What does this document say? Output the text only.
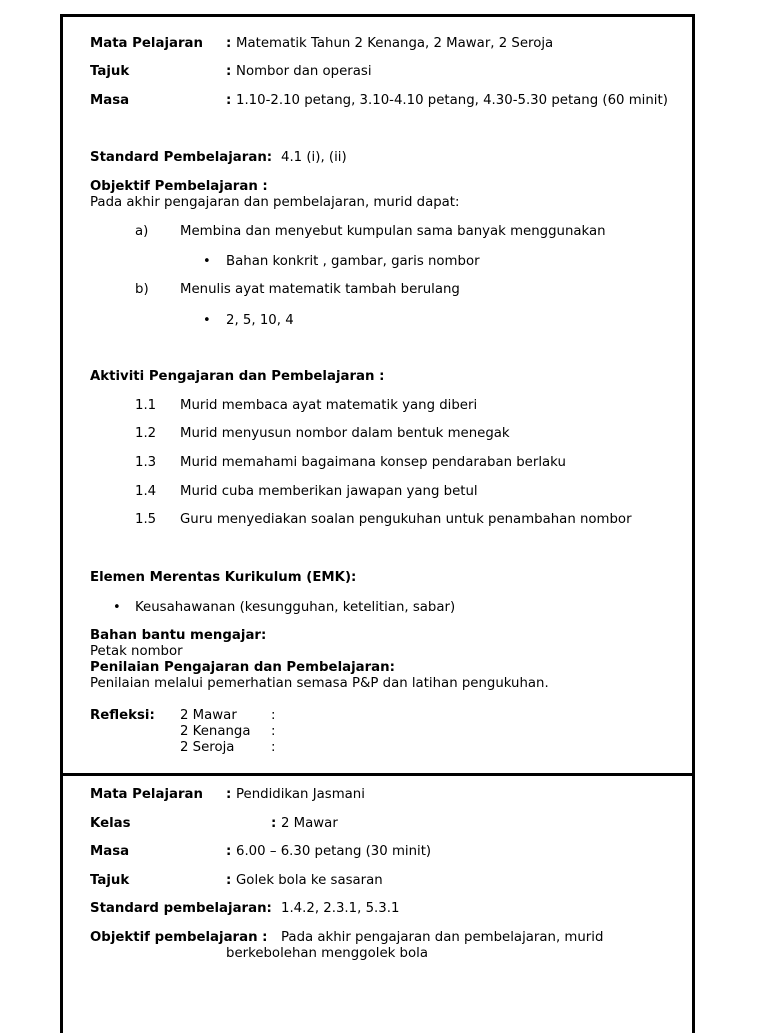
Mata Pelajaran : Matematik Tahun 2 Kenanga, 2 Mawar, 2 Seroja
Tajuk	: Nombor dan operasi
Masa	: 1.10-2.10 petang, 3.10-4.10 petang, 4.30-5.30 petang (60 minit)
Standard Pembelajaran: 4.1 (i), (ii)
Objektif Pembelajaran :
Pada akhir pengajaran dan pembelajaran, murid dapat:
a) Membina dan menyebut kumpulan sama banyak menggunakan
• Bahan konkrit , gambar, garis nombor
b) Menulis ayat matematik tambah berulang
• 2, 5, 10, 4
Aktiviti Pengajaran dan Pembelajaran :
1.1 Murid membaca ayat matematik yang diberi
1.2 Murid menyusun nombor dalam bentuk menegak
1.3 Murid memahami bagaimana konsep pendaraban berlaku
1.4 Murid cuba memberikan jawapan yang betul
1.5 Guru menyediakan soalan pengukuhan untuk penambahan nombor
Elemen Merentas Kurikulum (EMK):
• Keusahawanan (kesungguhan, ketelitian, sabar)
Bahan bantu mengajar:
Petak nombor
Penilaian Pengajaran dan Pembelajaran:
Penilaian melalui pemerhatian semasa P&P dan latihan pengukuhan.
Refleksi: 2 Mawar	:
2 Kenanga :
2 Seroja	:
Mata Pelajaran : Pendidikan Jasmani
Kelas	: 2 Mawar
Masa	: 6.00 – 6.30 petang (30 minit)
Tajuk	: Golek bola ke sasaran
Standard pembelajaran: 1.4.2, 2.3.1, 5.3.1
Objektif pembelajaran : Pada akhir pengajaran dan pembelajaran, murid
berkebolehan menggolek bola
